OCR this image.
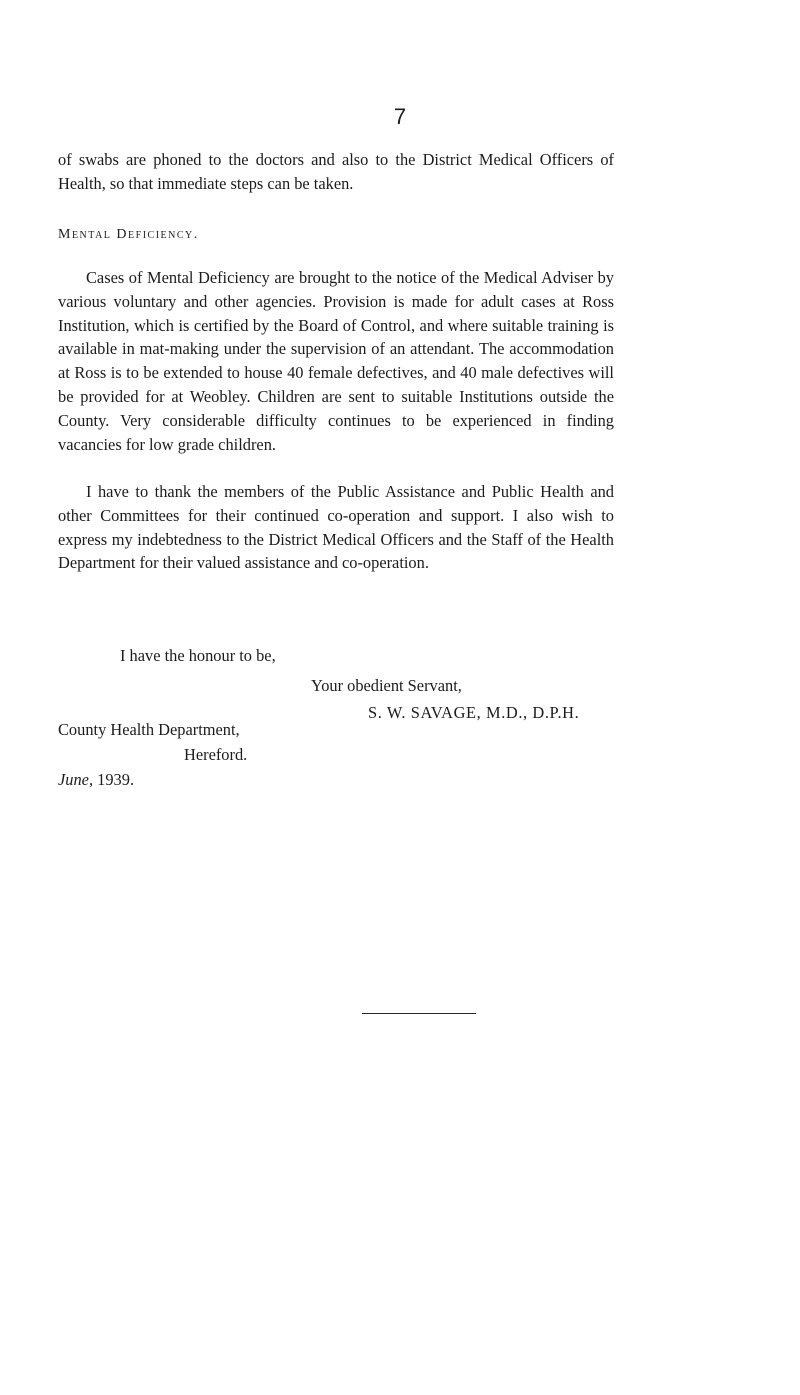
7

of swabs are phoned to the doctors and also to the District Medical Officers of Health, so that immediate steps can be taken.

Mental Deficiency.

Cases of Mental Deficiency are brought to the notice of the Medical Adviser by various voluntary and other agencies. Provision is made for adult cases at Ross Institution, which is certified by the Board of Control, and where suitable training is available in mat-making under the supervision of an attendant. The accommodation at Ross is to be extended to house 40 female defectives, and 40 male defectives will be provided for at Weobley. Children are sent to suitable Institutions outside the County. Very considerable difficulty continues to be experienced in finding vacancies for low grade children.

I have to thank the members of the Public Assistance and Public Health and other Committees for their continued co-operation and support. I also wish to express my indebtedness to the District Medical Officers and the Staff of the Health Department for their valued assistance and co-operation.

I have the honour to be,
Your obedient Servant,
S. W. SAVAGE, M.D., D.P.H.
County Health Department,
Hereford.
June, 1939.
